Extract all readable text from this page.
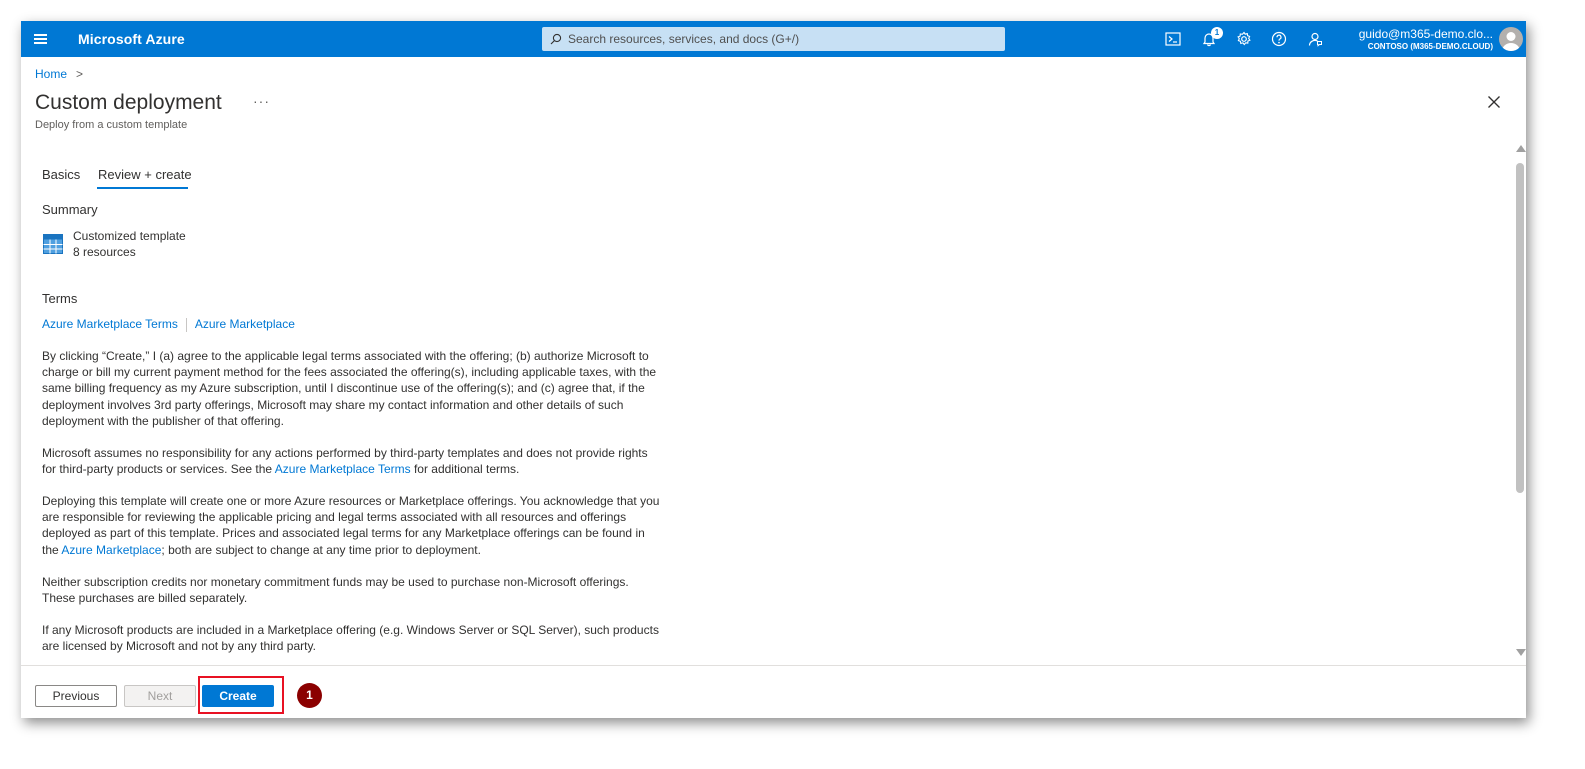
Microsoft Azure
Search resources, services, and docs (G+/)	1	guido@m365-demo.clo...
CONTOSO (M365-DEMO.CLOUD)
Home >
Custom deployment ···
Deploy from a custom template
Basics Review + create
Summary
Customized template
8 resources
Terms
Azure Marketplace Terms Azure Marketplace

By clicking “Create,” I (a) agree to the applicable legal terms associated with the offering; (b) authorize Microsoft to charge or bill my current payment method for the fees associated the offering(s), including applicable taxes, with the same billing frequency as my Azure subscription, until I discontinue use of the offering(s); and (c) agree that, if the deployment involves 3rd party offerings, Microsoft may share my contact information and other details of such deployment with the publisher of that offering.

Microsoft assumes no responsibility for any actions performed by third-party templates and does not provide rights for third-party products or services. See the Azure Marketplace Terms for additional terms.

Deploying this template will create one or more Azure resources or Marketplace offerings. You acknowledge that you are responsible for reviewing the applicable pricing and legal terms associated with all resources and offerings deployed as part of this template. Prices and associated legal terms for any Marketplace offerings can be found in the Azure Marketplace; both are subject to change at any time prior to deployment.

Neither subscription credits nor monetary commitment funds may be used to purchase non-Microsoft offerings. These purchases are billed separately.

If any Microsoft products are included in a Marketplace offering (e.g. Windows Server or SQL Server), such products are licensed by Microsoft and not by any third party.

Previous	Next	Create	1
